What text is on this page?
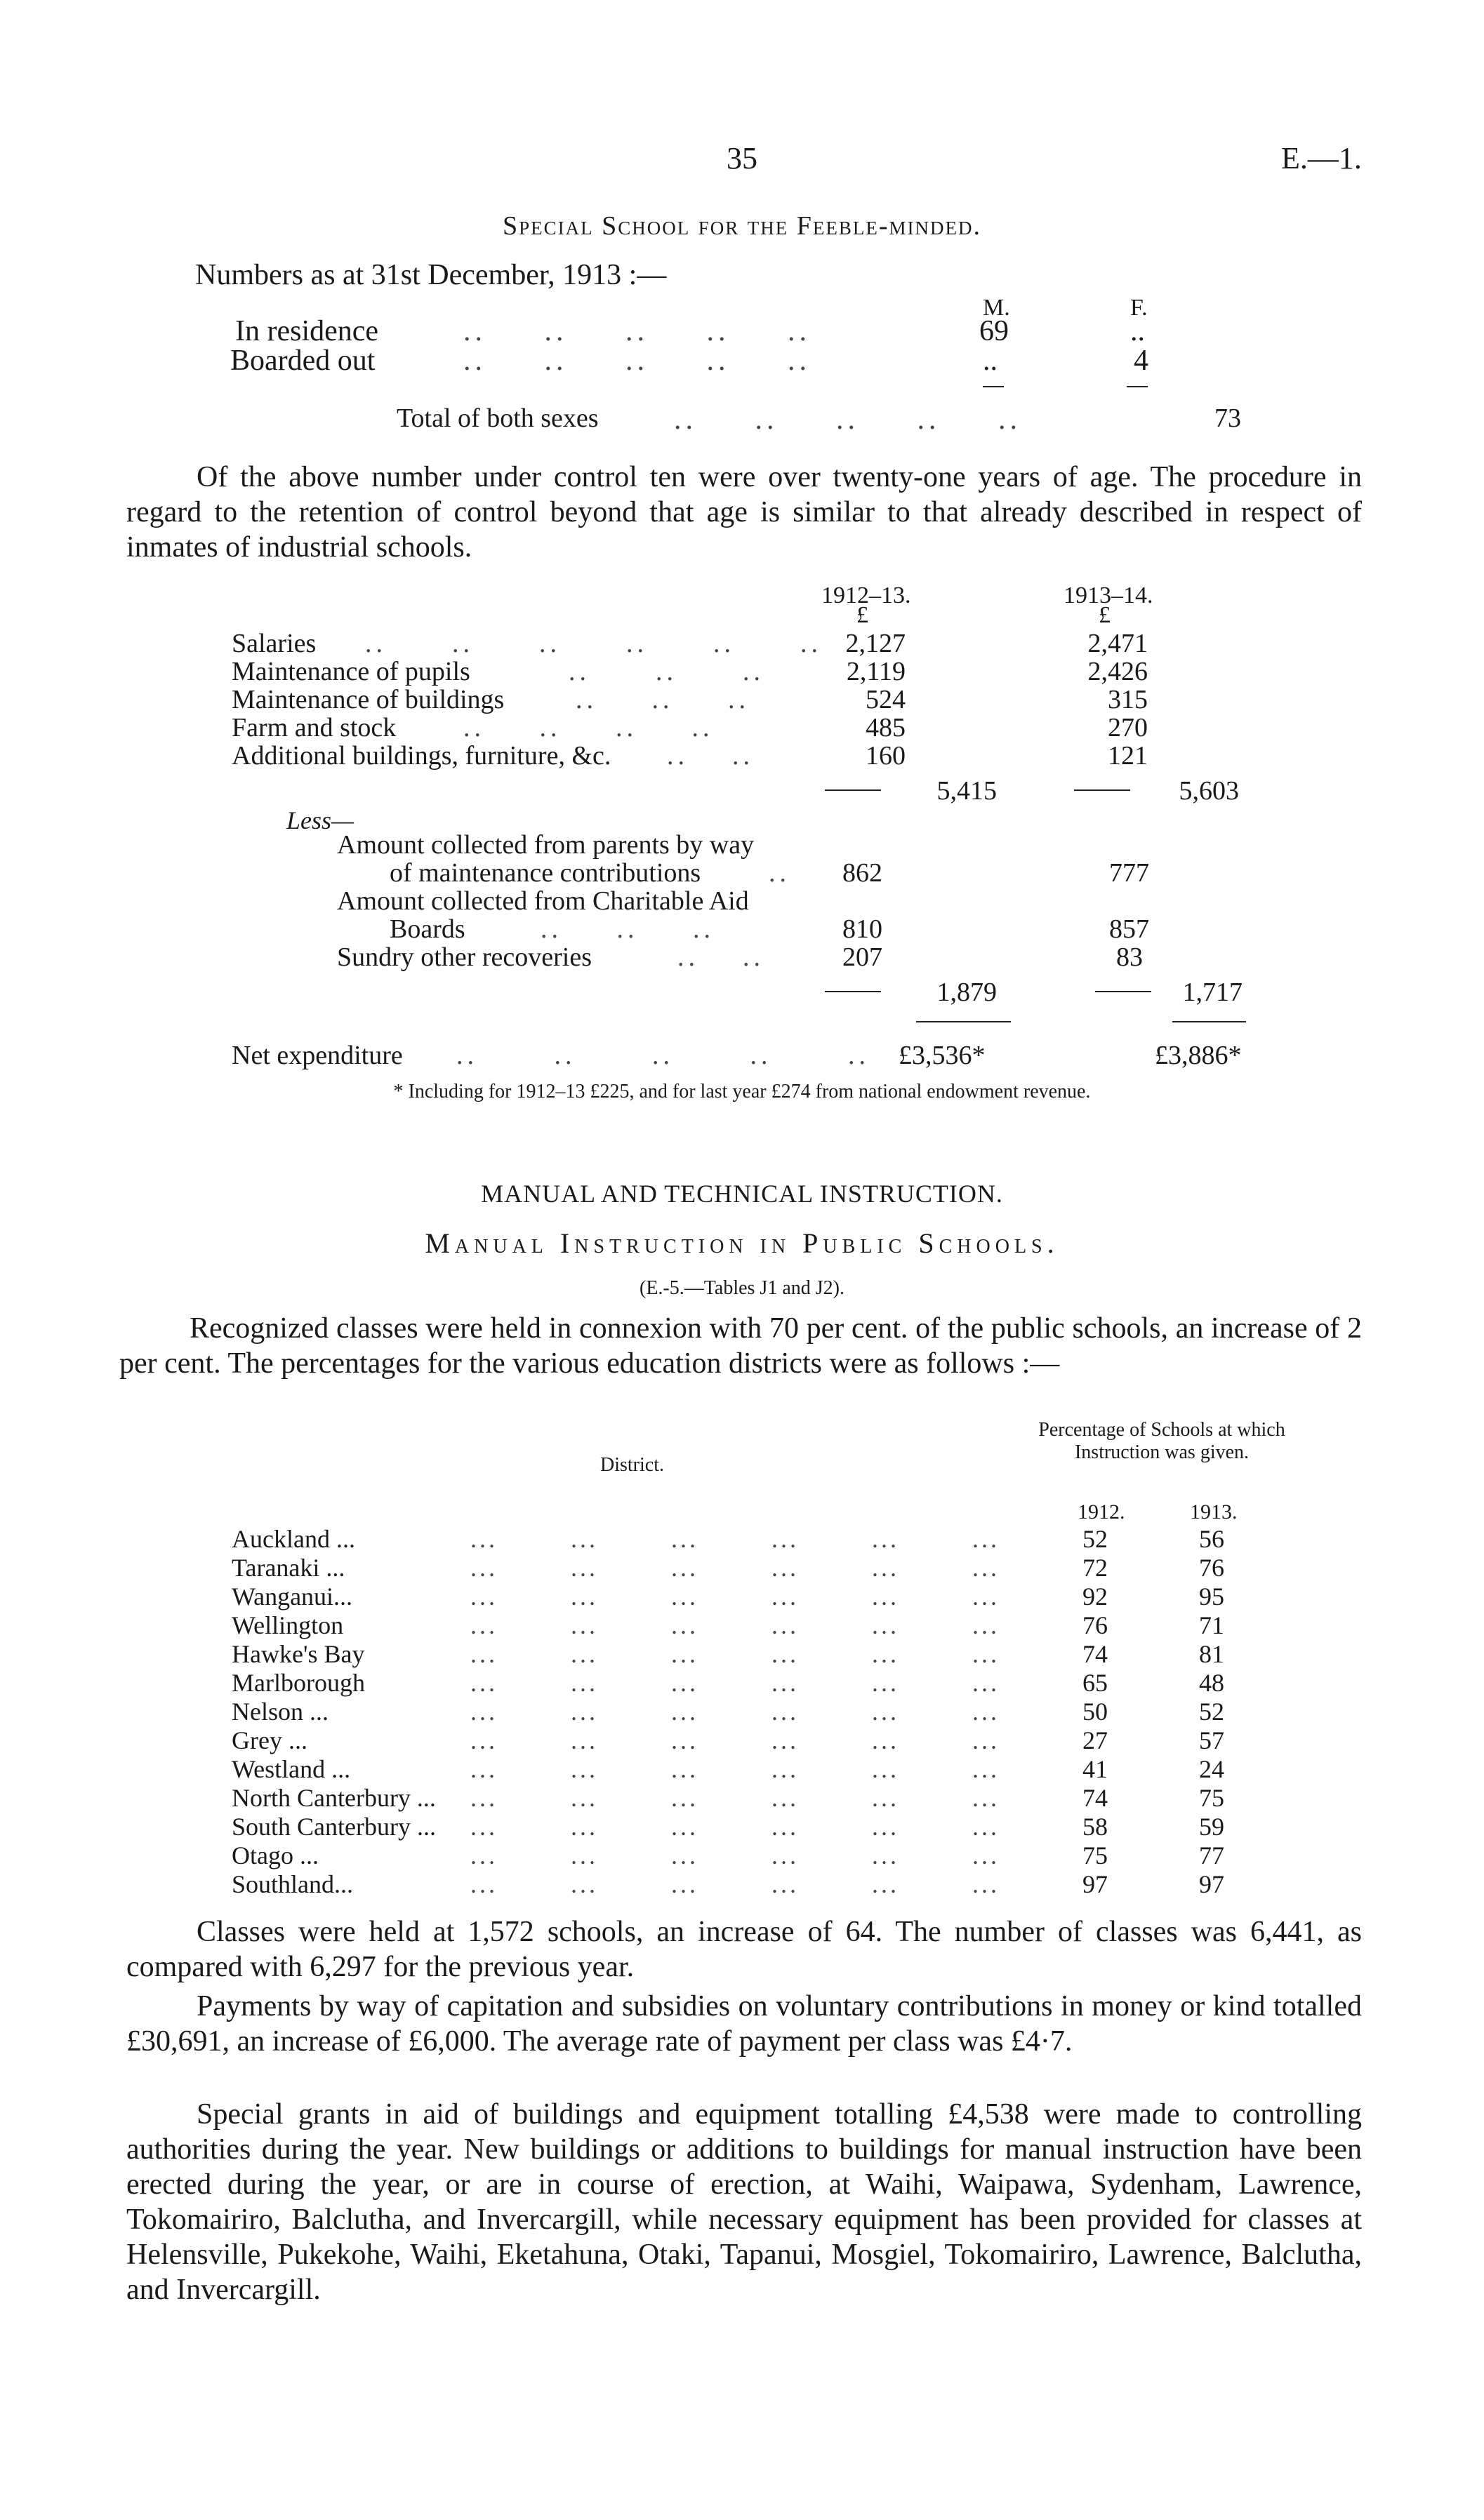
35	E.—1.
Special School for the Feeble-minded.
Numbers as at 31st December, 1913 :—
M.	F.
In residence	..     ..     ..     ..     ..	69	..
Boarded out	..     ..     ..     ..     ..	..	4
Total of both sexes	..     ..     ..     ..     ..	73

Of the above number under control ten were over twenty-one years of age. The procedure in regard to the retention of control beyond that age is similar to that already described in respect of inmates of industrial schools.

1912–13.	1913–14.
£	£
Salaries ..      ..      ..      ..      ..      .. 2,127	2,471
Maintenance of pupils	..      ..      ..	2,119	2,426
Maintenance of buildings	..     ..     ..	524	315
Farm and stock	..     ..     ..     ..	485	270
Additional buildings, furniture, &c. ..    ..	160	121
5,415	5,603
Less—
Amount collected from parents by way
of maintenance contributions	..	862	777
Amount collected from Charitable Aid
Boards	..     ..     ..	810	857
Sundry other recoveries	..    ..	207	83
1,879	1,717
Net expenditure ..       ..       ..       ..       .. £3,536*	£3,886*
* Including for 1912–13 £225, and for last year £274 from national endowment revenue.
MANUAL AND TECHNICAL INSTRUCTION.
Manual Instruction in Public Schools.
(E.-5.—Tables J1 and J2).

Recognized classes were held in connexion with 70 per cent. of the public schools, an increase of 2 per cent. The percentages for the various education districts were as follows :—

District.
Percentage of Schools at which Instruction was given.
1912.	1913.
Auckland ...	...        ...        ...        ...        ...        ...	52	56
Taranaki ...	...        ...        ...        ...        ...        ...	72	76
Wanganui...	...        ...        ...        ...        ...        ...	92	95
Wellington	...        ...        ...        ...        ...        ...	76	71
Hawke's Bay	...        ...        ...        ...        ...        ...	74	81
Marlborough	...        ...        ...        ...        ...        ...	65	48
Nelson ...	...        ...        ...        ...        ...        ...	50	52
Grey ...	...        ...        ...        ...        ...        ...	27	57
Westland ...	...        ...        ...        ...        ...        ...	41	24
North Canterbury ... ...        ...        ...        ...        ...        ...	74	75
South Canterbury ... ...        ...        ...        ...        ...        ...	58	59
Otago ...	...        ...        ...        ...        ...        ...	75	77
Southland...	...        ...        ...        ...        ...        ...	97	97

Classes were held at 1,572 schools, an increase of 64. The number of classes was 6,441, as compared with 6,297 for the previous year.

Payments by way of capitation and subsidies on voluntary contributions in money or kind totalled £30,691, an increase of £6,000. The average rate of payment per class was £4·7.

Special grants in aid of buildings and equipment totalling £4,538 were made to controlling authorities during the year. New buildings or additions to buildings for manual instruction have been erected during the year, or are in course of erection, at Waihi, Waipawa, Sydenham, Lawrence, Tokomairiro, Balclutha, and Invercargill, while necessary equipment has been provided for classes at Helensville, Pukekohe, Waihi, Eketahuna, Otaki, Tapanui, Mosgiel, Tokomairiro, Lawrence, Balclutha, and Invercargill.
